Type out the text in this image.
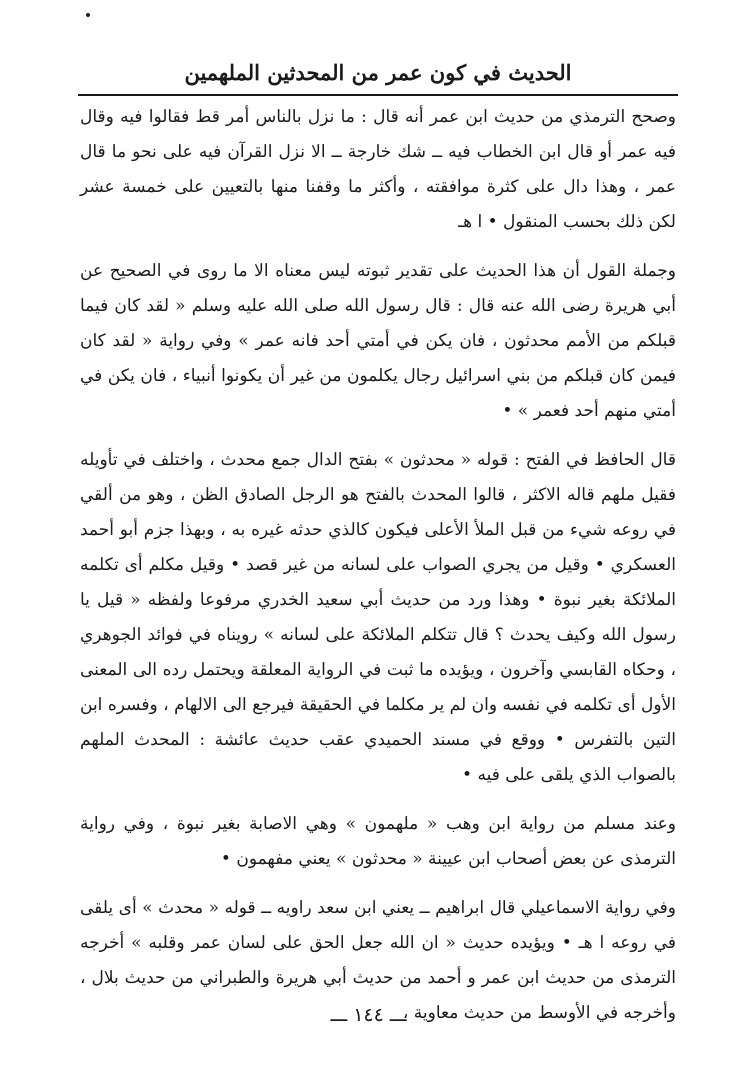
الحديث في كون عمر من المحدثين الملهمين

وصحح الترمذي من حديث ابن عمر أنه قال : ما نزل بالناس أمر قط فقالوا فيه وقال فيه عمر أو قال ابن الخطاب فيه ــ شك خارجة ــ الا نزل القرآن فيه على نحو ما قال عمر ، وهذا دال على كثرة موافقته ، وأكثر ما وقفنا منها بالتعيين على خمسة عشر لكن ذلك بحسب المنقول • ا هـ

وجملة القول أن هذا الحديث على تقدير ثبوته ليس معناه الا ما روى في الصحيح عن أبي هريرة رضى الله عنه قال : قال رسول الله صلى الله عليه وسلم « لقد كان فيما قبلكم من الأمم محدثون ، فان يكن في أمتي أحد فانه عمر » وفي رواية « لقد كان فيمن كان قبلكم من بني اسرائيل رجال يكلمون من غير أن يكونوا أنبياء ، فان يكن في أمتي منهم أحد فعمر » •

قال الحافظ في الفتح : قوله « محدثون » بفتح الدال جمع محدث ، واختلف في تأويله فقيل ملهم قاله الاكثر ، قالوا المحدث بالفتح هو الرجل الصادق الظن ، وهو من ألقي في روعه شيء من قبل الملأ الأعلى فيكون كالذي حدثه غيره به ، وبهذا جزم أبو أحمد العسكري • وقيل من يجري الصواب على لسانه من غير قصد • وقيل مكلم أى تكلمه الملائكة بغير نبوة • وهذا ورد من حديث أبي سعيد الخدري مرفوعا ولفظه « قيل يا رسول الله وكيف يحدث ؟ قال تتكلم الملائكة على لسانه » رويناه في فوائد الجوهري ، وحكاه القابسي وآخرون ، ويؤيده ما ثبت في الرواية المعلقة ويحتمل رده الى المعنى الأول أى تكلمه في نفسه وان لم ير مكلما في الحقيقة فيرجع الى الالهام ، وفسره ابن التين بالتفرس • ووقع في مسند الحميدي عقب حديث عائشة : المحدث الملهم بالصواب الذي يلقى على فيه •

وعند مسلم من رواية ابن وهب « ملهمون » وهي الاصابة بغير نبوة ، وفي رواية الترمذى عن بعض أصحاب ابن عيينة « محدثون » يعني مفهمون •

وفي رواية الاسماعيلي قال ابراهيم ــ يعني ابن سعد راويه ــ قوله « محدث » أى يلقى في روعه ا هـ • ويؤيده حديث « ان الله جعل الحق على لسان عمر وقلبه » أخرجه الترمذى من حديث ابن عمر و أحمد من حديث أبي هريرة والطبراني من حديث بلال ، وأخرجه في الأوسط من حديث معاوية ،

ـــ ١٤٤ ـــ
